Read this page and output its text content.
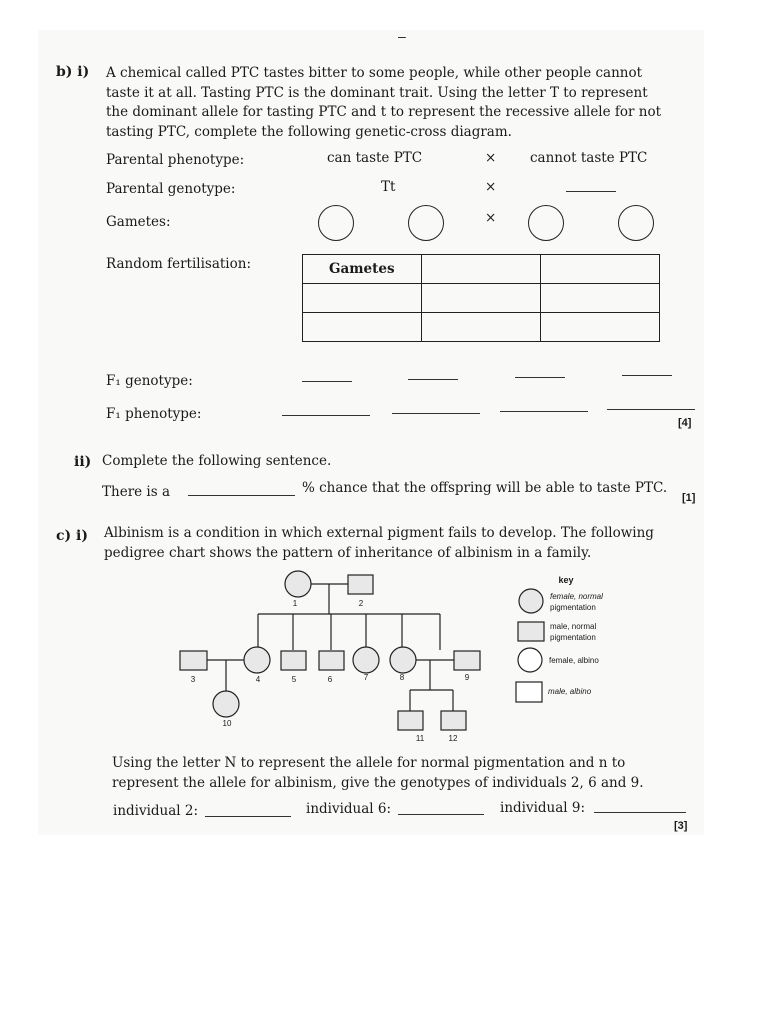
–
b) i) A chemical called PTC tastes bitter to some people, while other people cannot
taste it at all. Tasting PTC is the dominant trait. Using the letter T to represent
the dominant allele for tasting PTC and t to represent the recessive allele for not
tasting PTC, complete the following genetic-cross diagram.
Parental phenotype:	can taste PTC	× cannot taste PTC
Parental genotype:	Tt	×
Gametes:	×
Random fertilisation:	Gametes		

F₁ genotype:
F₁ phenotype:
[4]
ii) Complete the following sentence.
There is a	% chance that the offspring will be able to taste PTC.
[1]
c) i) Albinism is a condition in which external pigment fails to develop. The following
pedigree chart shows the pattern of inheritance of albinism in a family.
1	2
3	4	5	6	7	8	9
10
11	12
key
female, normal
pigmentation
male, normal
pigmentation
female, albino
male, albino
Using the letter N to represent the allele for normal pigmentation and n to
represent the allele for albinism, give the genotypes of individuals 2, 6 and 9.
individual 2:	individual 6:	individual 9:
[3]
